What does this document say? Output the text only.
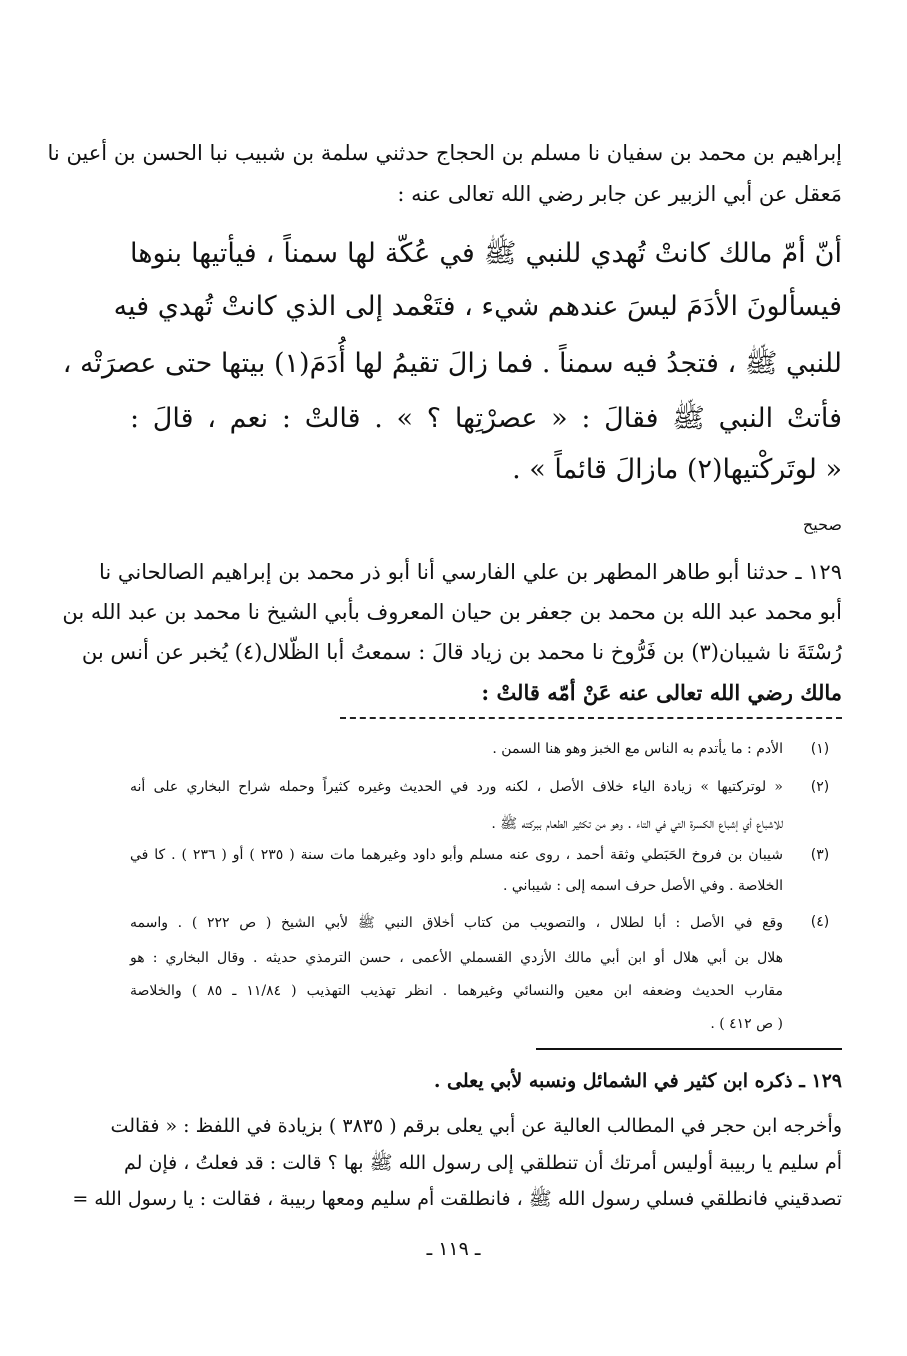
إبراهيم بن محمد بن سفيان نا مسلم بن الحجاج حدثني سلمة بن شبيب نبا الحسن بن أعين نا

مَعقل عن أبي الزبير عن جابر رضي الله تعالى عنه :

أنّ أمّ مالك كانتْ تُهدي للنبي ﷺ في عُكّة لها سمناً ، فيأتيها بنوها

فيسألونَ الأدَمَ ليسَ عندهم شيء ، فتَعْمد إلى الذي كانتْ تُهدي فيه

للنبي ﷺ ، فتجدُ فيه سمناً . فما زالَ تقيمُ لها أُدَمَ(١) بيتها حتى عصرَتْه ،

فأتتْ النبي ﷺ فقالَ : « عصرْتِها ؟ » . قالتْ : نعم ، قالَ :

« لوتَركْتيها(٢) مازالَ قائماً » .

صحيح

١٢٩ ـ حدثنا أبو طاهر المطهر بن علي الفارسي أنا أبو ذر محمد بن إبراهيم الصالحاني نا

أبو محمد عبد الله بن محمد بن جعفر بن حيان المعروف بأبي الشيخ نا محمد بن عبد الله بن

رُسْتَةَ نا شيبان(٣) بن فَرُّوخ نا محمد بن زياد قالَ : سمعتُ أبا الظّلال(٤) يُخبر عن أنس بن

مالك رضي الله تعالى عنه عَنْ أمّه قالتْ :

(١)

الأدم : ما يأتدم به الناس مع الخبز وهو هنا السمن .

(٢)

« لوتركتيها » زيادة الياء خلاف الأصل ، لكنه ورد في الحديث وغيره كثيراً وحمله شراح البخاري على أنه

للاشباع أي إشباع الكسرة التي في التاء . وهو من تكثير الطعام ببركته ﷺ .

(٣)

شيبان بن فروخ الحَبَطي وثقة أحمد ، روى عنه مسلم وأبو داود وغيرهما مات سنة ( ٢٣٥ ) أو ( ٢٣٦ ) . كا في

الخلاصة . وفي الأصل حرف اسمه إلى : شيباني .

(٤)

وقع في الأصل : أبا لطلال ، والتصويب من كتاب أخلاق النبي ﷺ لأبي الشيخ ( ص ٢٢٢ ) . واسمه

هلال بن أبي هلال أو ابن أبي مالك الأزدي القسملي الأعمى ، حسن الترمذي حديثه . وقال البخاري : هو

مقارب الحديث وضعفه ابن معين والنسائي وغيرهما . انظر تهذيب التهذيب ( ١١/٨٤ ـ ٨٥ ) والخلاصة

( ص ٤١٢ ) .

١٢٩ ـ ذكره ابن كثير في الشمائل ونسبه لأبي يعلى .

وأخرجه ابن حجر في المطالب العالية عن أبي يعلى برقم ( ٣٨٣٥ ) بزيادة في اللفظ : « فقالت

أم سليم يا ربيبة أوليس أمرتك أن تنطلقي إلى رسول الله ﷺ بها ؟ قالت : قد فعلتُ ، فإن لم

تصدقيني فانطلقي فسلي رسول الله ﷺ ، فانطلقت أم سليم ومعها ربيبة ، فقالت : يا رسول الله =

ـ ١١٩ ـ
